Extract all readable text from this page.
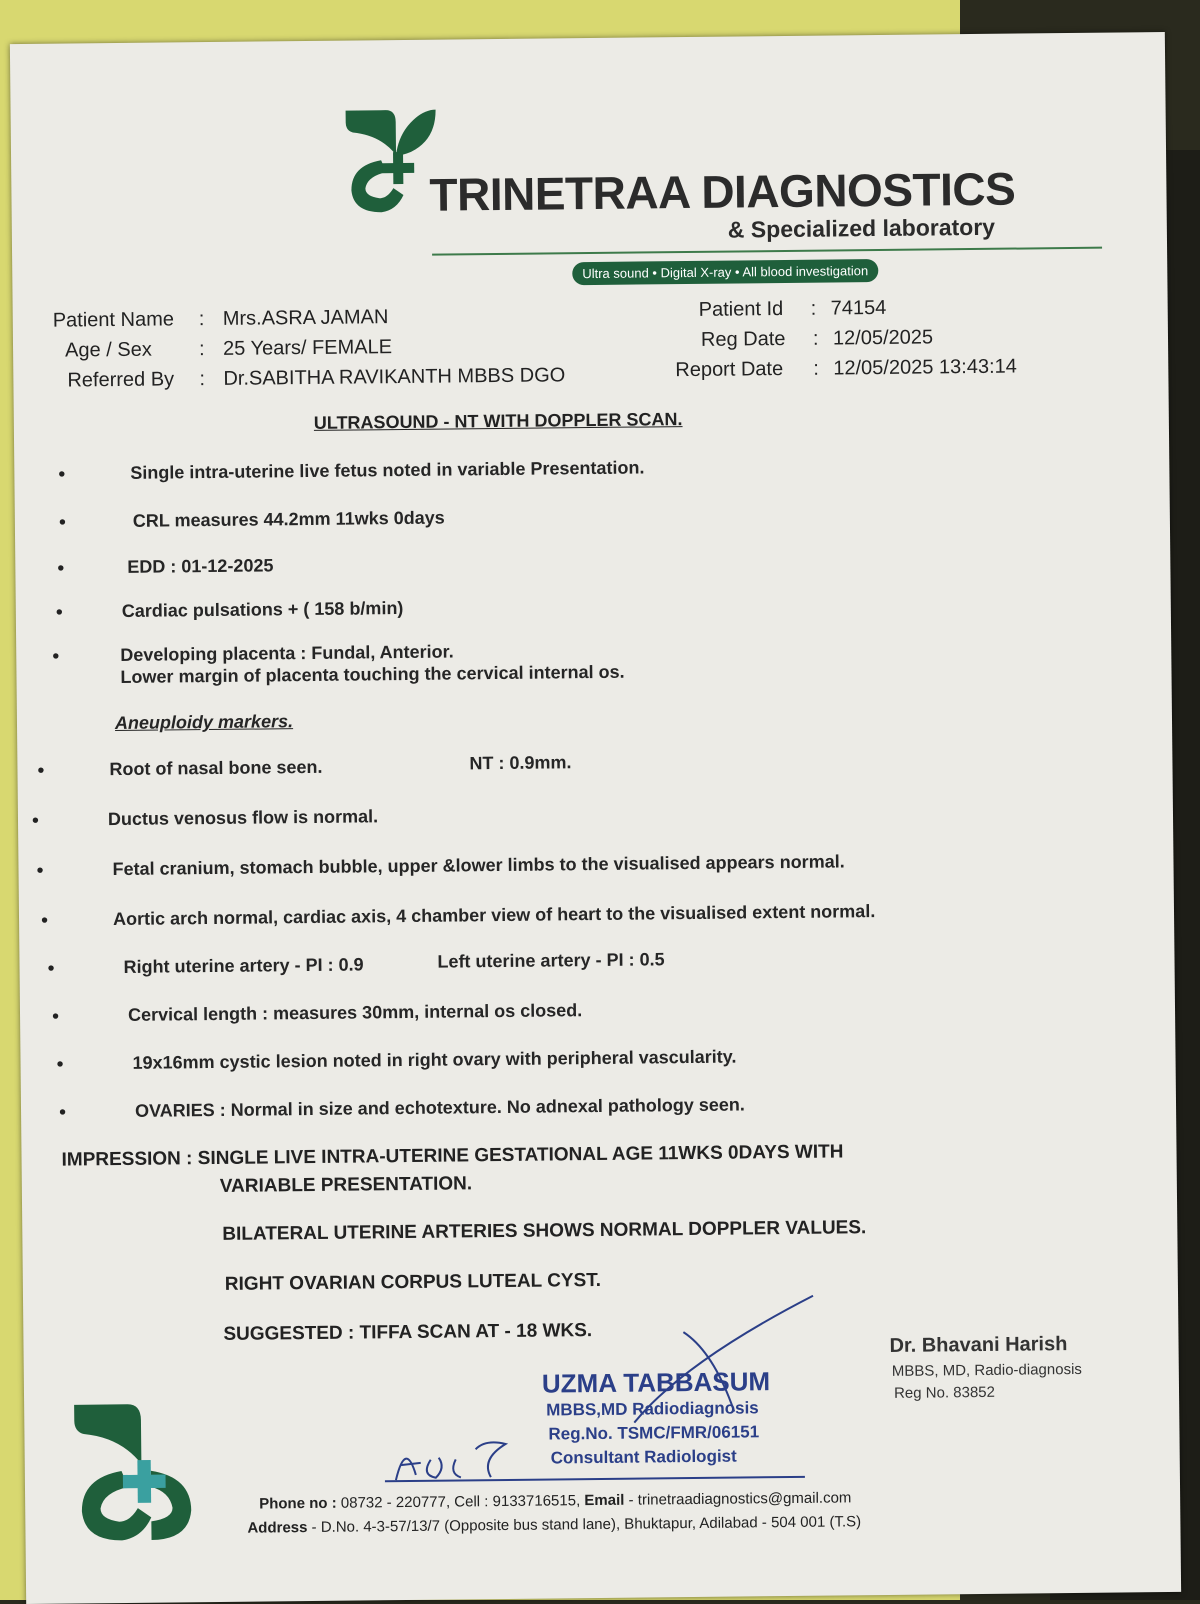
TRINETRAA DIAGNOSTICS
& Specialized laboratory
Ultra sound • Digital X-ray • All blood investigation
Patient Name : Mrs.ASRA JAMAN
Age / Sex : 25 Years/ FEMALE
Referred By : Dr.SABITHA RAVIKANTH MBBS DGO
Patient Id : 74154
Reg Date : 12/05/2025
Report Date : 12/05/2025 13:43:14
ULTRASOUND - NT WITH DOPPLER SCAN.
•	Single intra-uterine live fetus noted in variable Presentation.
•	CRL measures 44.2mm 11wks 0days
•	EDD : 01-12-2025
•	Cardiac pulsations + ( 158 b/min)
•	Developing placenta : Fundal, Anterior.
Lower margin of placenta touching the cervical internal os.
Aneuploidy markers.
•	Root of nasal bone seen.	NT : 0.9mm.
•	Ductus venosus flow is normal.
•	Fetal cranium, stomach bubble, upper &lower limbs to the visualised appears normal.
•	Aortic arch normal, cardiac axis, 4 chamber view of heart to the visualised extent normal.
•	Right uterine artery - PI : 0.9	Left uterine artery - PI : 0.5
•	Cervical length : measures 30mm, internal os closed.
•	19x16mm cystic lesion noted in right ovary with peripheral vascularity.
•	OVARIES : Normal in size and echotexture. No adnexal pathology seen.
IMPRESSION : SINGLE LIVE INTRA-UTERINE GESTATIONAL AGE 11WKS 0DAYS WITH
VARIABLE PRESENTATION.
BILATERAL UTERINE ARTERIES SHOWS NORMAL DOPPLER VALUES.
RIGHT OVARIAN CORPUS LUTEAL CYST.
SUGGESTED : TIFFA SCAN AT - 18 WKS.
UZMA TABBASUM
MBBS,MD Radiodiagnosis
Reg.No. TSMC/FMR/06151
Consultant Radiologist
Dr. Bhavani Harish
MBBS, MD, Radio-diagnosis
Reg No. 83852
Phone no : 08732 - 220777, Cell : 9133716515, Email - trinetraadiagnostics@gmail.com
Address - D.No. 4-3-57/13/7 (Opposite bus stand lane), Bhuktapur, Adilabad - 504 001 (T.S)
